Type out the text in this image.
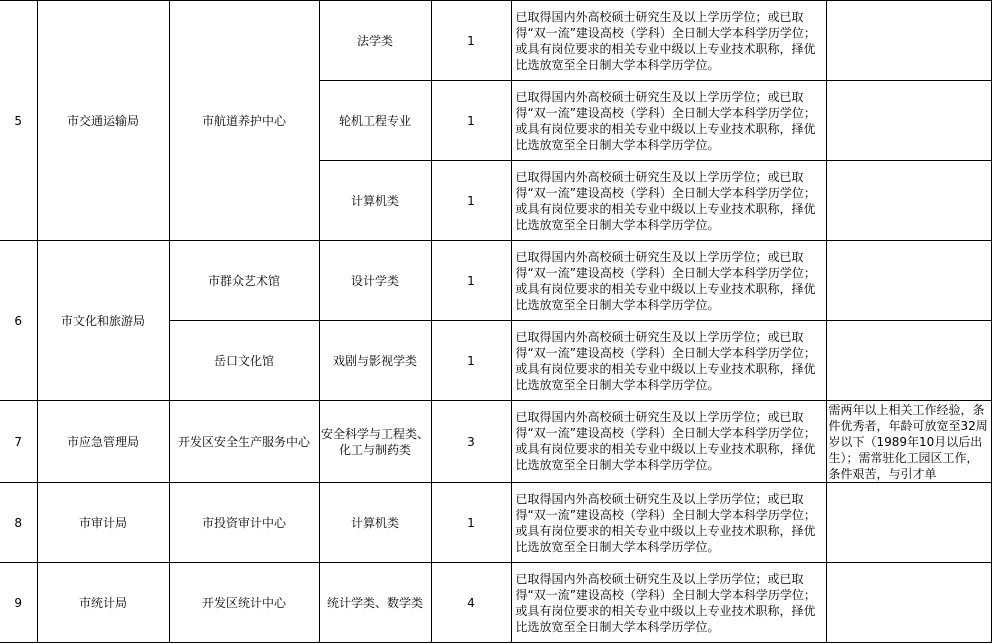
5	市交通运输局	市航道养护中心	法学类	1	已取得国内外高校硕士研究生及以上学历学位；或已取得“双一流”建设高校（学科）全日制大学本科学历学位；或具有岗位要求的相关专业中级以上专业技术职称，择优比选放宽至全日制大学本科学历学位。	
			轮机工程专业	1	已取得国内外高校硕士研究生及以上学历学位；或已取得“双一流”建设高校（学科）全日制大学本科学历学位；或具有岗位要求的相关专业中级以上专业技术职称，择优比选放宽至全日制大学本科学历学位。	
			计算机类	1	已取得国内外高校硕士研究生及以上学历学位；或已取得“双一流”建设高校（学科）全日制大学本科学历学位；或具有岗位要求的相关专业中级以上专业技术职称，择优比选放宽至全日制大学本科学历学位。	
6	市文化和旅游局	市群众艺术馆	设计学类	1	已取得国内外高校硕士研究生及以上学历学位；或已取得“双一流”建设高校（学科）全日制大学本科学历学位；或具有岗位要求的相关专业中级以上专业技术职称，择优比选放宽至全日制大学本科学历学位。	
		岳口文化馆	戏剧与影视学类	1	已取得国内外高校硕士研究生及以上学历学位；或已取得“双一流”建设高校（学科）全日制大学本科学历学位；或具有岗位要求的相关专业中级以上专业技术职称，择优比选放宽至全日制大学本科学历学位。	
7	市应急管理局	开发区安全生产服务中心	安全科学与工程类、化工与制药类	3	已取得国内外高校硕士研究生及以上学历学位；或已取得“双一流”建设高校（学科）全日制大学本科学历学位；或具有岗位要求的相关专业中级以上专业技术职称，择优比选放宽至全日制大学本科学历学位。	需两年以上相关工作经验，条件优秀者，年龄可放宽至32周岁以下（1989年10月以后出生）；需常驻化工园区工作，条件艰苦，与引才单
8	市审计局	市投资审计中心	计算机类	1	已取得国内外高校硕士研究生及以上学历学位；或已取得“双一流”建设高校（学科）全日制大学本科学历学位；或具有岗位要求的相关专业中级以上专业技术职称，择优比选放宽至全日制大学本科学历学位。	
9	市统计局	开发区统计中心	统计学类、数学类	4	已取得国内外高校硕士研究生及以上学历学位；或已取得“双一流”建设高校（学科）全日制大学本科学历学位；或具有岗位要求的相关专业中级以上专业技术职称，择优比选放宽至全日制大学本科学历学位。	
